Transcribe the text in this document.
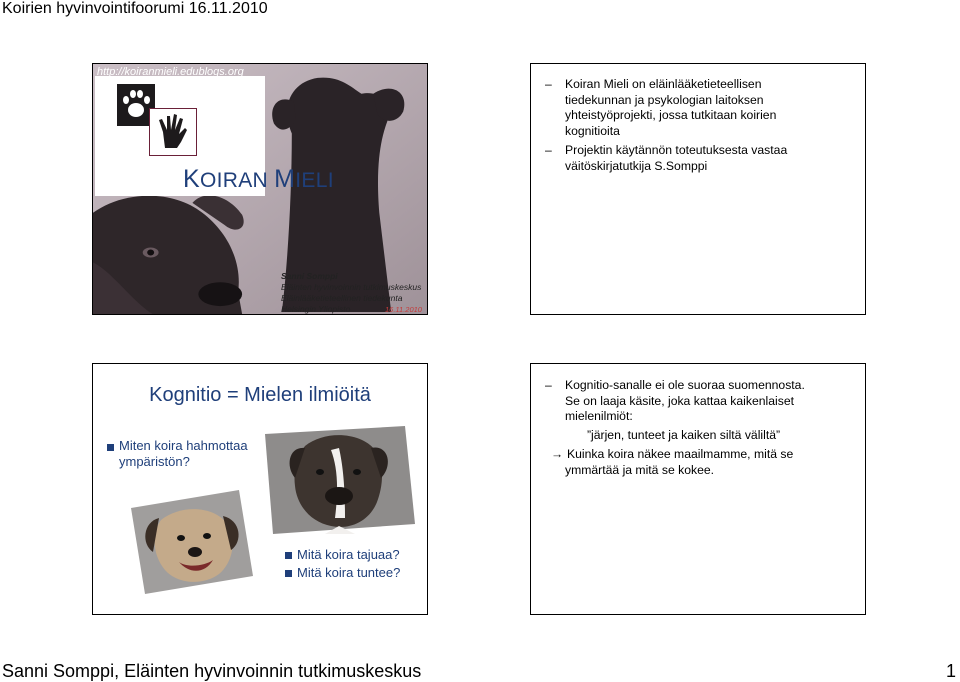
Koirien hyvinvointifoorumi 16.11.2010
http://koiranmieli.edublogs.org
KOIRAN MIELI
Sanni Somppi
Eläinten hyvinvoinnin tutkimuskeskus
Eläinlääketieteellinen tiedekunta
Helsingin Yliopisto	16.11.2010
– Koiran Mieli on eläinlääketieteellisen
tiedekunnan ja psykologian laitoksen
yhteistyöprojekti, jossa tutkitaan koirien
kognitioita
– Projektin käytännön toteutuksesta vastaa
väitöskirjatutkija S.Somppi
Kognitio = Mielen ilmiöitä
Miten koira hahmottaa
ympäristön?
Mitä koira tajuaa?
Mitä koira tuntee?
– Kognitio-sanalle ei ole suoraa suomennosta.
Se on laaja käsite, joka kattaa kaikenlaiset
mielenilmiöt:
”järjen, tunteet ja kaiken siltä väliltä”
→ Kuinka koira näkee maailmamme, mitä se
ymmärtää ja mitä se kokee.
Sanni Somppi, Eläinten hyvinvoinnin tutkimuskeskus	1
